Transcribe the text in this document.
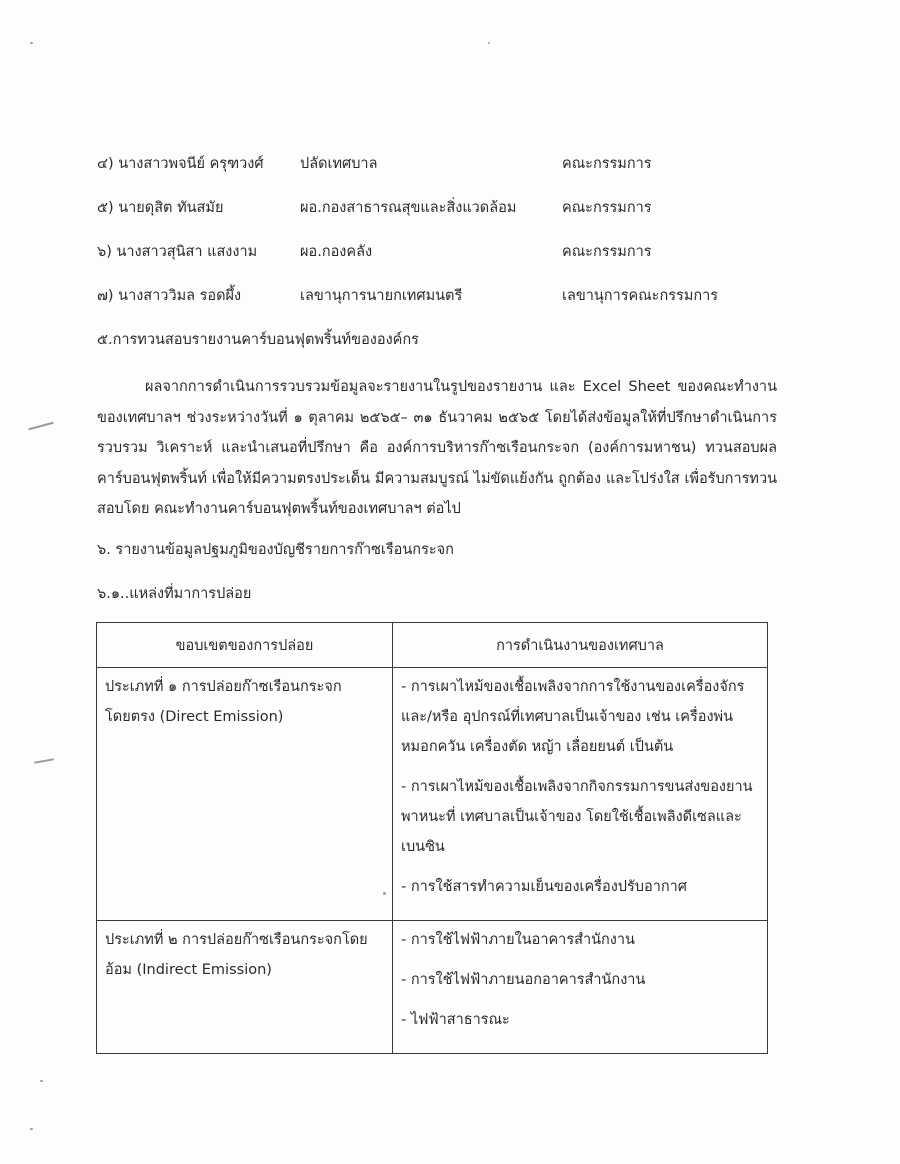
๔) นางสาวพจนีย์ ครุฑวงศ์	ปลัดเทศบาล	คณะกรรมการ
๕) นายดุสิต ทันสมัย	ผอ.กองสาธารณสุขและสิ่งแวดล้อม	คณะกรรมการ
๖) นางสาวสุนิสา แสงงาม	ผอ.กองคลัง	คณะกรรมการ
๗) นางสาววิมล รอดผึ้ง	เลขานุการนายกเทศมนตรี	เลขานุการคณะกรรมการ
๕.การทวนสอบรายงานคาร์บอนฟุตพริ้นท์ขององค์กร

ผลจากการดำเนินการรวบรวมข้อมูลจะรายงานในรูปของรายงาน และ Excel Sheet ของคณะทำงานของเทศบาลฯ ช่วงระหว่างวันที่ ๑ ตุลาคม ๒๕๖๕– ๓๑ ธันวาคม ๒๕๖๕ โดยได้ส่งข้อมูลให้ที่ปรึกษาดำเนินการรวบรวม วิเคราะห์ และนำเสนอที่ปรึกษา คือ องค์การบริหารก๊าซเรือนกระจก (องค์การมหาชน) ทวนสอบผลคาร์บอนฟุตพริ้นท์ เพื่อให้มีความตรงประเด็น มีความสมบูรณ์ ไม่ขัดแย้งกัน ถูกต้อง และโปร่งใส เพื่อรับการทวนสอบโดย คณะทำงานคาร์บอนฟุตพริ้นท์ของเทศบาลฯ ต่อไป

๖. รายงานข้อมูลปฐมภูมิของบัญชีรายการก๊าซเรือนกระจก
๖.๑..แหล่งที่มาการปล่อย
ขอบเขตของการปล่อย	การดำเนินงานของเทศบาล
ประเภทที่ ๑ การปล่อยก๊าซเรือนกระจกโดยตรง (Direct Emission)	- การเผาไหม้ของเชื้อเพลิงจากการใช้งานของเครื่องจักรและ/หรือ อุปกรณ์ที่เทศบาลเป็นเจ้าของ เช่น เครื่องพ่นหมอกควัน เครื่องตัด หญ้า เลื่อยยนต์ เป็นต้น
- การเผาไหม้ของเชื้อเพลิงจากกิจกรรมการขนส่งของยานพาหนะที่ เทศบาลเป็นเจ้าของ โดยใช้เชื้อเพลิงดีเซลและเบนซิน
- การใช้สารทำความเย็นของเครื่องปรับอากาศ

ประเภทที่ ๒ การปล่อยก๊าซเรือนกระจกโดยอ้อม (Indirect Emission)	- การใช้ไฟฟ้าภายในอาคารสำนักงาน
- การใช้ไฟฟ้าภายนอกอาคารสำนักงาน
- ไฟฟ้าสาธารณะ
